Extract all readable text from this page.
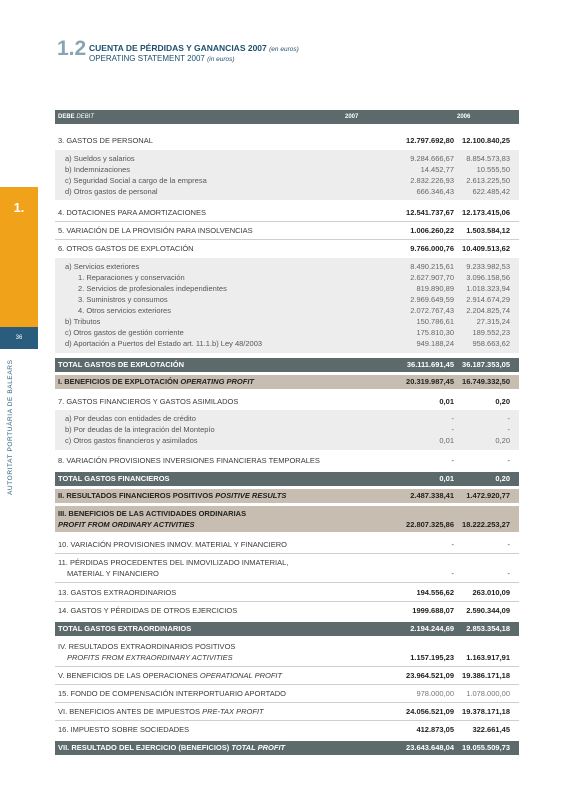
1.
36
AUTORITAT PORTUÀRIA DE BALEARS
1.2 CUENTA DE PÉRDIDAS Y GANANCIAS 2007 (en euros)
OPERATING STATEMENT 2007 (in euros)
DEBE DEBIT	2007	2006
3. GASTOS DE PERSONAL	12.797.692,80	12.100.840,25
a) Sueldos y salarios	9.284.666,67	8.854.573,83
b) Indemnizaciones	14.452,77	10.555,50
c) Seguridad Social a cargo de la empresa	2.832.226,93	2.613.225,50
d) Otros gastos de personal	666.346,43	622.485,42
4. DOTACIONES PARA AMORTIZACIONES	12.541.737,67	12.173.415,06
5. VARIACIÓN DE LA PROVISIÓN PARA INSOLVENCIAS	1.006.260,22	1.503.584,12
6. OTROS GASTOS DE EXPLOTACIÓN	9.766.000,76	10.409.513,62
a) Servicios exteriores	8.490.215,61	9.233.982,53
1. Reparaciones y conservación	2.627.907,70	3.096.158,56
2. Servicios de profesionales independientes	819.890,89	1.018.323,94
3. Suministros y consumos	2.969.649,59	2.914.674,29
4. Otros servicios exteriores	2.072.767,43	2.204.825,74
b) Tributos	150.786,61	27.315,24
c) Otros gastos de gestión corriente	175.810,30	189.552,23
d) Aportación a Puertos del Estado art. 11.1.b) Ley 48/2003	949.188,24	958.663,62
TOTAL GASTOS DE EXPLOTACIÓN	36.111.691,45	36.187.353,05
I. BENEFICIOS DE EXPLOTACIÓN OPERATING PROFIT	20.319.987,45	16.749.332,50
7. GASTOS FINANCIEROS Y GASTOS ASIMILADOS	0,01	0,20
a) Por deudas con entidades de crédito	-	-
b) Por deudas de la integración del Montepío	-	-
c) Otros gastos financieros y asimilados	0,01	0,20
8. VARIACIÓN PROVISIONES INVERSIONES FINANCIERAS TEMPORALES	-	-
TOTAL GASTOS FINANCIEROS	0,01	0,20
II. RESULTADOS FINANCIEROS POSITIVOS POSITIVE RESULTS	2.487.338,41	1.472.920,77
III. BENEFICIOS DE LAS ACTIVIDADES ORDINARIAS
PROFIT FROM ORDINARY ACTIVITIES	22.807.325,86	18.222.253,27
10. VARIACIÓN PROVISIONES INMOV. MATERIAL Y FINANCIERO	-	-
11. PÉRDIDAS PROCEDENTES DEL INMOVILIZADO INMATERIAL,
MATERIAL Y FINANCIERO	-	-
13. GASTOS EXTRAORDINARIOS	194.556,62	263.010,09
14. GASTOS Y PÉRDIDAS DE OTROS EJERCICIOS	1999.688,07	2.590.344,09
TOTAL GASTOS EXTRAORDINARIOS	2.194.244,69	2.853.354,18
IV. RESULTADOS EXTRAORDINARIOS POSITIVOS
PROFITS FROM EXTRAORDINARY ACTIVITIES	1.157.195,23	1.163.917,91
V. BENEFICIOS DE LAS OPERACIONES OPERATIONAL PROFIT	23.964.521,09	19.386.171,18
15. FONDO DE COMPENSACIÓN INTERPORTUARIO APORTADO	978.000,00	1.078.000,00
VI. BENEFICIOS ANTES DE IMPUESTOS PRE-TAX PROFIT	24.056.521,09	19.378.171,18
16. IMPUESTO SOBRE SOCIEDADES	412.873,05	322.661,45
VII. RESULTADO DEL EJERCICIO (BENEFICIOS) TOTAL PROFIT	23.643.648,04	19.055.509,73
